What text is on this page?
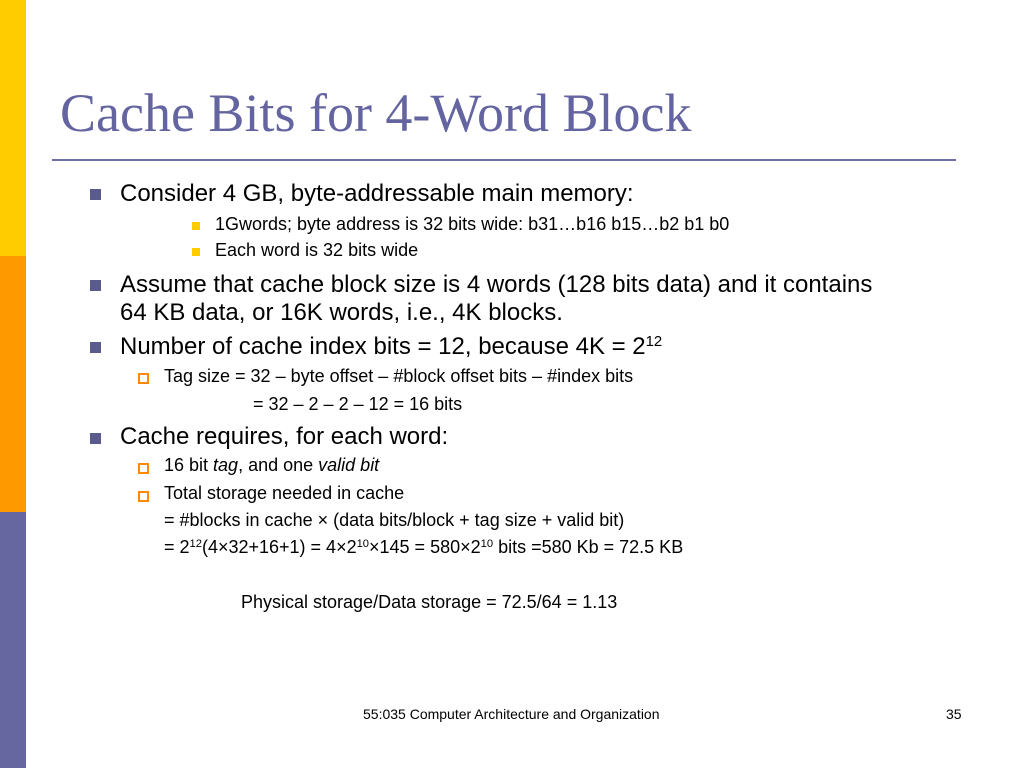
Cache Bits for 4-Word Block
Consider 4 GB, byte-addressable main memory:
1Gwords; byte address is 32 bits wide: b31…b16 b15…b2 b1 b0
Each word is 32 bits wide
Assume that cache block size is 4 words (128 bits data) and it contains
64 KB data, or 16K words, i.e., 4K blocks.
Number of cache index bits = 12, because $4K = 2^{12}$
Tag size = 32 – byte offset – #block offset bits – #index bits
= 32 – 2 – 2 – 12 = 16 bits
Cache requires, for each word:
16 bit tag, and one valid bit
Total storage needed in cache
= #blocks in cache × (data bits/block + tag size + valid bit)
= $2^{12}(4\times 32+16+1) = 4\times 2^{10}\times 145 = 580\times 2^{10}$ bits =580 Kb = 72.5 KB
Physical storage/Data storage = 72.5/64 = 1.13
55:035 Computer Architecture and Organization	35
